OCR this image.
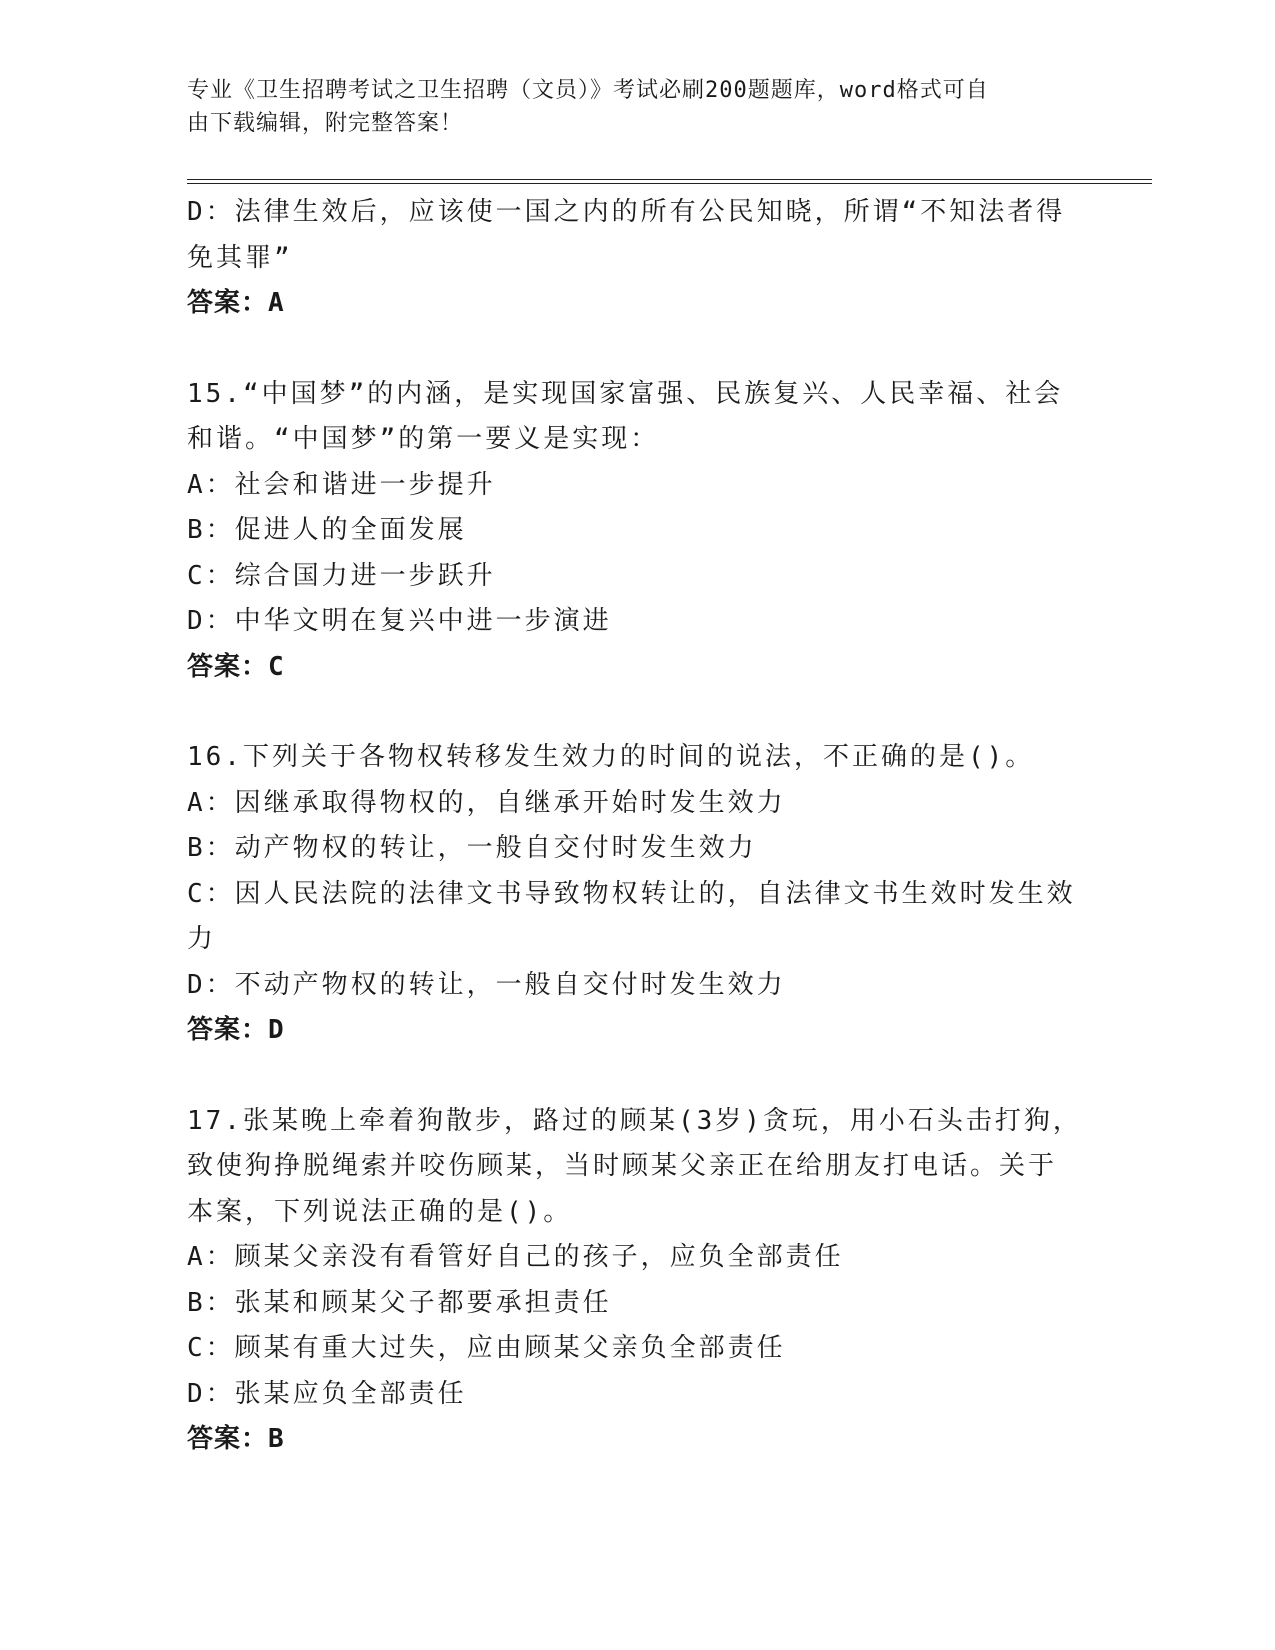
专业《卫生招聘考试之卫生招聘（文员）》考试必刷200题题库，word格式可自
由下载编辑，附完整答案！
D：法律生效后，应该使一国之内的所有公民知晓，所谓“不知法者得
免其罪”
答案：A
15.“中国梦”的内涵，是实现国家富强、民族复兴、人民幸福、社会
和谐。“中国梦”的第一要义是实现：
A：社会和谐进一步提升
B：促进人的全面发展
C：综合国力进一步跃升
D：中华文明在复兴中进一步演进
答案：C
16.下列关于各物权转移发生效力的时间的说法，不正确的是()。
A：因继承取得物权的，自继承开始时发生效力
B：动产物权的转让，一般自交付时发生效力
C：因人民法院的法律文书导致物权转让的，自法律文书生效时发生效
力
D：不动产物权的转让，一般自交付时发生效力
答案：D
17.张某晚上牵着狗散步，路过的顾某(3岁)贪玩，用小石头击打狗，
致使狗挣脱绳索并咬伤顾某，当时顾某父亲正在给朋友打电话。关于
本案，下列说法正确的是()。
A：顾某父亲没有看管好自己的孩子，应负全部责任
B：张某和顾某父子都要承担责任
C：顾某有重大过失，应由顾某父亲负全部责任
D：张某应负全部责任
答案：B
